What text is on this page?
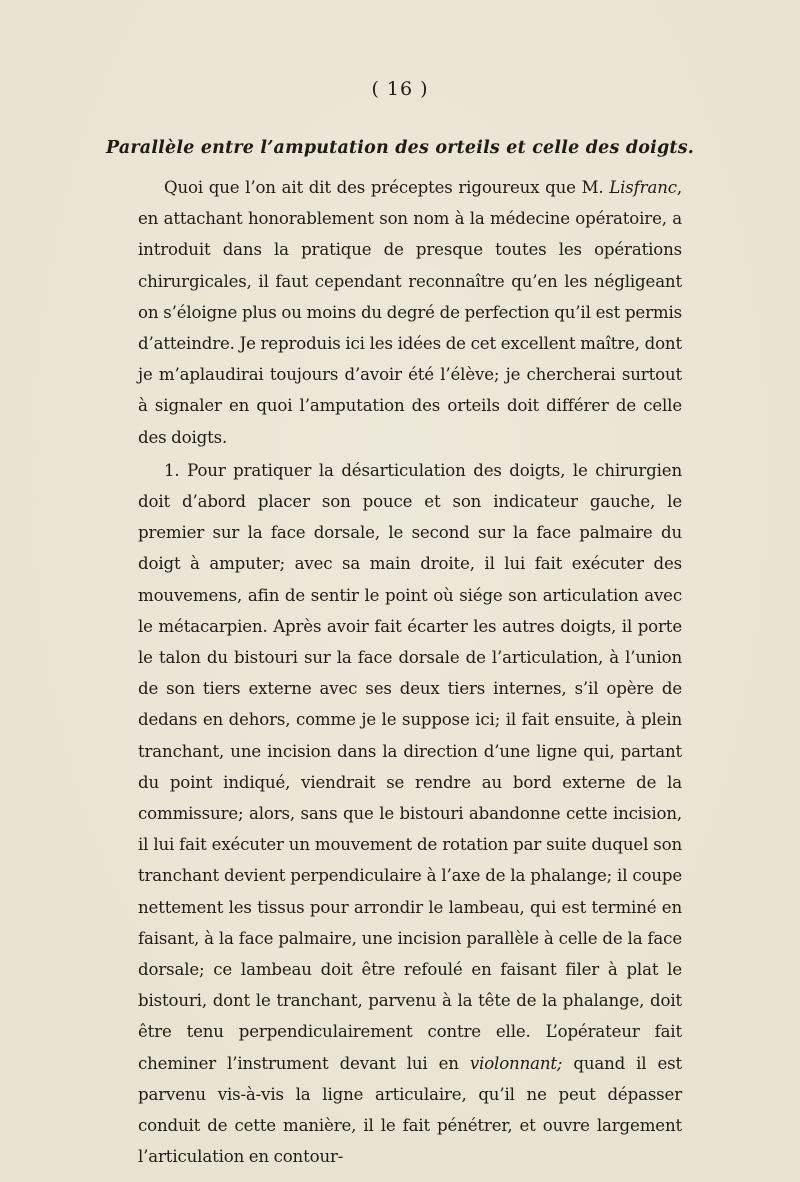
( 16 )
Parallèle entre l’amputation des orteils et celle des doigts.

Quoi que l’on ait dit des préceptes rigoureux que M. Lisfranc, en attachant honorablement son nom à la médecine opératoire, a introduit dans la pratique de presque toutes les opérations chirurgicales, il faut cependant reconnaître qu’en les négligeant on s’éloigne plus ou moins du degré de perfection qu’il est permis d’atteindre. Je reproduis ici les idées de cet excellent maître, dont je m’aplaudirai toujours d’avoir été l’élève; je chercherai surtout à signaler en quoi l’amputation des orteils doit différer de celle des doigts.

1. Pour pratiquer la désarticulation des doigts, le chirurgien doit d’abord placer son pouce et son indicateur gauche, le premier sur la face dorsale, le second sur la face palmaire du doigt à amputer; avec sa main droite, il lui fait exécuter des mouvemens, afin de sentir le point où siége son articulation avec le métacarpien. Après avoir fait écarter les autres doigts, il porte le talon du bistouri sur la face dorsale de l’articulation, à l’union de son tiers externe avec ses deux tiers internes, s’il opère de dedans en dehors, comme je le suppose ici; il fait ensuite, à plein tranchant, une incision dans la direction d’une ligne qui, partant du point indiqué, viendrait se rendre au bord externe de la commissure; alors, sans que le bistouri abandonne cette incision, il lui fait exécuter un mouvement de rotation par suite duquel son tranchant devient perpendiculaire à l’axe de la phalange; il coupe nettement les tissus pour arrondir le lambeau, qui est terminé en faisant, à la face palmaire, une incision parallèle à celle de la face dorsale; ce lambeau doit être refoulé en faisant filer à plat le bistouri, dont le tranchant, parvenu à la tête de la phalange, doit être tenu perpendiculairement contre elle. L’opérateur fait cheminer l’instrument devant lui en violonnant; quand il est parvenu vis-à-vis la ligne articulaire, qu’il ne peut dépasser conduit de cette manière, il le fait pénétrer, et ouvre largement l’articulation en contour-
